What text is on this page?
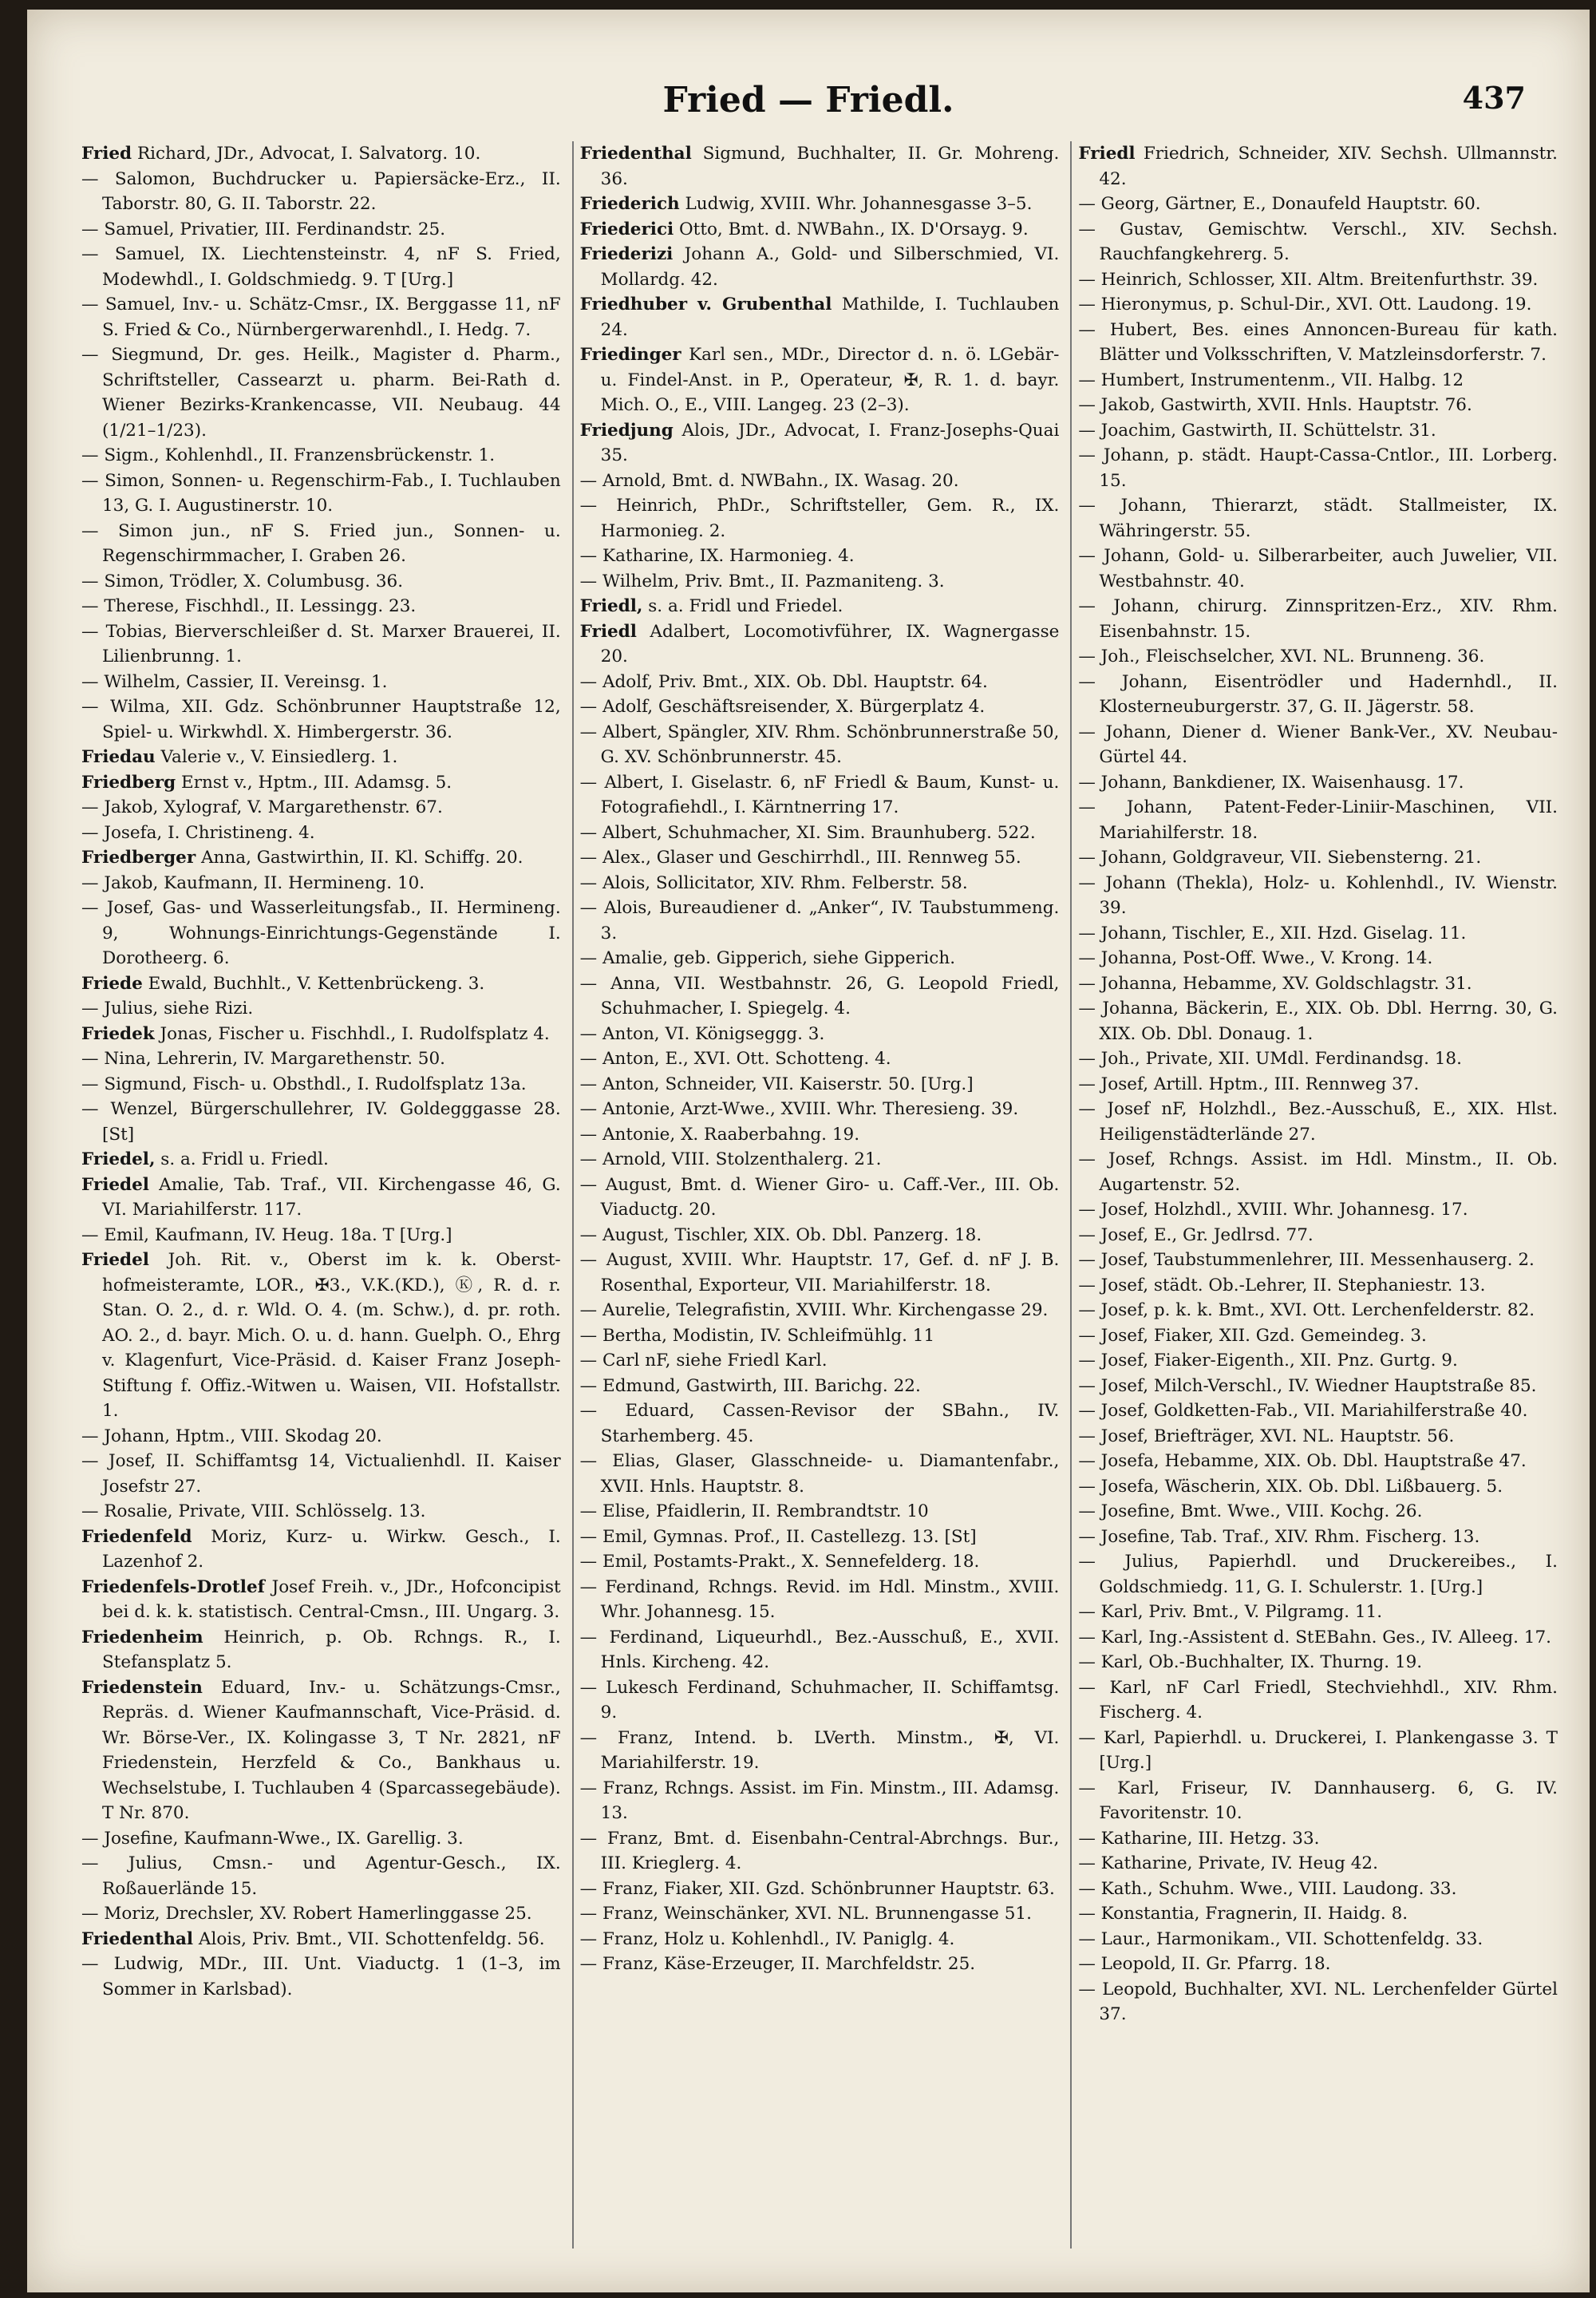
Fried — Friedl.	437

Fried Richard, JDr., Advocat, I. Salvatorg. 10.

— Salomon, Buchdrucker u. Papiersäcke-Erz., II. Taborstr. 80, G. II. Taborstr. 22.

— Samuel, Privatier, III. Ferdinandstr. 25.

— Samuel, IX. Liechtensteinstr. 4, nF S. Fried, Modewhdl., I. Goldschmiedg. 9. T [Urg.]

— Samuel, Inv.- u. Schätz-Cmsr., IX. Berggasse 11, nF S. Fried & Co., Nürnbergerwarenhdl., I. Hedg. 7.

— Siegmund, Dr. ges. Heilk., Magister d. Pharm., Schriftsteller, Cassearzt u. pharm. Bei-Rath d. Wiener Bezirks-Krankencasse, VII. Neubaug. 44 (1/21–1/23).

— Sigm., Kohlenhdl., II. Franzensbrückenstr. 1.

— Simon, Sonnen- u. Regenschirm-Fab., I. Tuchlauben 13, G. I. Augustinerstr. 10.

— Simon jun., nF S. Fried jun., Sonnen- u. Regenschirmmacher, I. Graben 26.

— Simon, Trödler, X. Columbusg. 36.

— Therese, Fischhdl., II. Lessingg. 23.

— Tobias, Bierverschleißer d. St. Marxer Brauerei, II. Lilienbrunng. 1.

— Wilhelm, Cassier, II. Vereinsg. 1.

— Wilma, XII. Gdz. Schönbrunner Hauptstraße 12, Spiel- u. Wirkwhdl. X. Himbergerstr. 36.

Friedau Valerie v., V. Einsiedlerg. 1.

Friedberg Ernst v., Hptm., III. Adamsg. 5.

— Jakob, Xylograf, V. Margarethenstr. 67.

— Josefa, I. Christineng. 4.

Friedberger Anna, Gastwirthin, II. Kl. Schiffg. 20.

— Jakob, Kaufmann, II. Hermineng. 10.

— Josef, Gas- und Wasserleitungsfab., II. Hermineng. 9, Wohnungs-Einrichtungs-Gegenstände I. Dorotheerg. 6.

Friede Ewald, Buchhlt., V. Kettenbrückeng. 3.

— Julius, siehe Rizi.

Friedek Jonas, Fischer u. Fischhdl., I. Rudolfsplatz 4.

— Nina, Lehrerin, IV. Margarethenstr. 50.

— Sigmund, Fisch- u. Obsthdl., I. Rudolfsplatz 13a.

— Wenzel, Bürgerschullehrer, IV. Goldegggasse 28. [St]

Friedel, s. a. Fridl u. Friedl.

Friedel Amalie, Tab. Traf., VII. Kirchengasse 46, G. VI. Mariahilferstr. 117.

— Emil, Kaufmann, IV. Heug. 18a. T [Urg.]

Friedel Joh. Rit. v., Oberst im k. k. Oberst-hofmeisteramte, LOR., ✠3., V.K.(KD.), Ⓚ, R. d. r. Stan. O. 2., d. r. Wld. O. 4. (m. Schw.), d. pr. roth. AO. 2., d. bayr. Mich. O. u. d. hann. Guelph. O., Ehrg v. Klagenfurt, Vice-Präsid. d. Kaiser Franz Joseph-Stiftung f. Offiz.-Witwen u. Waisen, VII. Hofstallstr. 1.

— Johann, Hptm., VIII. Skodag 20.

— Josef, II. Schiffamtsg 14, Victualienhdl. II. Kaiser Josefstr 27.

— Rosalie, Private, VIII. Schlösselg. 13.

Friedenfeld Moriz, Kurz- u. Wirkw. Gesch., I. Lazenhof 2.

Friedenfels-Drotlef Josef Freih. v., JDr., Hofconcipist bei d. k. k. statistisch. Central-Cmsn., III. Ungarg. 3.

Friedenheim Heinrich, p. Ob. Rchngs. R., I. Stefansplatz 5.

Friedenstein Eduard, Inv.- u. Schätzungs-Cmsr., Repräs. d. Wiener Kaufmannschaft, Vice-Präsid. d. Wr. Börse-Ver., IX. Kolingasse 3, T Nr. 2821, nF Friedenstein, Herzfeld & Co., Bankhaus u. Wechselstube, I. Tuchlauben 4 (Sparcassegebäude). T Nr. 870.

— Josefine, Kaufmann-Wwe., IX. Garellig. 3.

— Julius, Cmsn.- und Agentur-Gesch., IX. Roßauerlände 15.

— Moriz, Drechsler, XV. Robert Hamerlinggasse 25.

Friedenthal Alois, Priv. Bmt., VII. Schottenfeldg. 56.

— Ludwig, MDr., III. Unt. Viaductg. 1 (1–3, im Sommer in Karlsbad).

Friedenthal Sigmund, Buchhalter, II. Gr. Mohreng. 36.

Friederich Ludwig, XVIII. Whr. Johannesgasse 3–5.

Friederici Otto, Bmt. d. NWBahn., IX. D'Orsayg. 9.

Friederizi Johann A., Gold- und Silberschmied, VI. Mollardg. 42.

Friedhuber v. Grubenthal Mathilde, I. Tuchlauben 24.

Friedinger Karl sen., MDr., Director d. n. ö. LGebär- u. Findel-Anst. in P., Operateur, ✠, R. 1. d. bayr. Mich. O., E., VIII. Langeg. 23 (2–3).

Friedjung Alois, JDr., Advocat, I. Franz-Josephs-Quai 35.

— Arnold, Bmt. d. NWBahn., IX. Wasag. 20.

— Heinrich, PhDr., Schriftsteller, Gem. R., IX. Harmonieg. 2.

— Katharine, IX. Harmonieg. 4.

— Wilhelm, Priv. Bmt., II. Pazmaniteng. 3.

Friedl, s. a. Fridl und Friedel.

Friedl Adalbert, Locomotivführer, IX. Wagnergasse 20.

— Adolf, Priv. Bmt., XIX. Ob. Dbl. Hauptstr. 64.

— Adolf, Geschäftsreisender, X. Bürgerplatz 4.

— Albert, Spängler, XIV. Rhm. Schönbrunnerstraße 50, G. XV. Schönbrunnerstr. 45.

— Albert, I. Giselastr. 6, nF Friedl & Baum, Kunst- u. Fotografiehdl., I. Kärntnerring 17.

— Albert, Schuhmacher, XI. Sim. Braunhuberg. 522.

— Alex., Glaser und Geschirrhdl., III. Rennweg 55.

— Alois, Sollicitator, XIV. Rhm. Felberstr. 58.

— Alois, Bureaudiener d. „Anker“, IV. Taubstummeng. 3.

— Amalie, geb. Gipperich, siehe Gipperich.

— Anna, VII. Westbahnstr. 26, G. Leopold Friedl, Schuhmacher, I. Spiegelg. 4.

— Anton, VI. Königseggg. 3.

— Anton, E., XVI. Ott. Schotteng. 4.

— Anton, Schneider, VII. Kaiserstr. 50. [Urg.]

— Antonie, Arzt-Wwe., XVIII. Whr. Theresieng. 39.

— Antonie, X. Raaberbahng. 19.

— Arnold, VIII. Stolzenthalerg. 21.

— August, Bmt. d. Wiener Giro- u. Caff.-Ver., III. Ob. Viaductg. 20.

— August, Tischler, XIX. Ob. Dbl. Panzerg. 18.

— August, XVIII. Whr. Hauptstr. 17, Gef. d. nF J. B. Rosenthal, Exporteur, VII. Mariahilferstr. 18.

— Aurelie, Telegrafistin, XVIII. Whr. Kirchengasse 29.

— Bertha, Modistin, IV. Schleifmühlg. 11

— Carl nF, siehe Friedl Karl.

— Edmund, Gastwirth, III. Barichg. 22.

— Eduard, Cassen-Revisor der SBahn., IV. Starhemberg. 45.

— Elias, Glaser, Glasschneide- u. Diamantenfabr., XVII. Hnls. Hauptstr. 8.

— Elise, Pfaidlerin, II. Rembrandtstr. 10

— Emil, Gymnas. Prof., II. Castellezg. 13. [St]

— Emil, Postamts-Prakt., X. Sennefelderg. 18.

— Ferdinand, Rchngs. Revid. im Hdl. Minstm., XVIII. Whr. Johannesg. 15.

— Ferdinand, Liqueurhdl., Bez.-Ausschuß, E., XVII. Hnls. Kircheng. 42.

— Lukesch Ferdinand, Schuhmacher, II. Schiffamtsg. 9.

— Franz, Intend. b. LVerth. Minstm., ✠, VI. Mariahilferstr. 19.

— Franz, Rchngs. Assist. im Fin. Minstm., III. Adamsg. 13.

— Franz, Bmt. d. Eisenbahn-Central-Abrchngs. Bur., III. Krieglerg. 4.

— Franz, Fiaker, XII. Gzd. Schönbrunner Hauptstr. 63.

— Franz, Weinschänker, XVI. NL. Brunnengasse 51.

— Franz, Holz u. Kohlenhdl., IV. Paniglg. 4.

— Franz, Käse-Erzeuger, II. Marchfeldstr. 25.

Friedl Friedrich, Schneider, XIV. Sechsh. Ullmannstr. 42.

— Georg, Gärtner, E., Donaufeld Hauptstr. 60.

— Gustav, Gemischtw. Verschl., XIV. Sechsh. Rauchfangkehrerg. 5.

— Heinrich, Schlosser, XII. Altm. Breitenfurthstr. 39.

— Hieronymus, p. Schul-Dir., XVI. Ott. Laudong. 19.

— Hubert, Bes. eines Annoncen-Bureau für kath. Blätter und Volksschriften, V. Matzleinsdorferstr. 7.

— Humbert, Instrumentenm., VII. Halbg. 12

— Jakob, Gastwirth, XVII. Hnls. Hauptstr. 76.

— Joachim, Gastwirth, II. Schüttelstr. 31.

— Johann, p. städt. Haupt-Cassa-Cntlor., III. Lorberg. 15.

— Johann, Thierarzt, städt. Stallmeister, IX. Währingerstr. 55.

— Johann, Gold- u. Silberarbeiter, auch Juwelier, VII. Westbahnstr. 40.

— Johann, chirurg. Zinnspritzen-Erz., XIV. Rhm. Eisenbahnstr. 15.

— Joh., Fleischselcher, XVI. NL. Brunneng. 36.

— Johann, Eisentrödler und Hadernhdl., II. Klosterneuburgerstr. 37, G. II. Jägerstr. 58.

— Johann, Diener d. Wiener Bank-Ver., XV. Neubau-Gürtel 44.

— Johann, Bankdiener, IX. Waisenhausg. 17.

— Johann, Patent-Feder-Liniir-Maschinen, VII. Mariahilferstr. 18.

— Johann, Goldgraveur, VII. Siebensterng. 21.

— Johann (Thekla), Holz- u. Kohlenhdl., IV. Wienstr. 39.

— Johann, Tischler, E., XII. Hzd. Giselag. 11.

— Johanna, Post-Off. Wwe., V. Krong. 14.

— Johanna, Hebamme, XV. Goldschlagstr. 31.

— Johanna, Bäckerin, E., XIX. Ob. Dbl. Herrng. 30, G. XIX. Ob. Dbl. Donaug. 1.

— Joh., Private, XII. UMdl. Ferdinandsg. 18.

— Josef, Artill. Hptm., III. Rennweg 37.

— Josef nF, Holzhdl., Bez.-Ausschuß, E., XIX. Hlst. Heiligenstädterlände 27.

— Josef, Rchngs. Assist. im Hdl. Minstm., II. Ob. Augartenstr. 52.

— Josef, Holzhdl., XVIII. Whr. Johannesg. 17.

— Josef, E., Gr. Jedlrsd. 77.

— Josef, Taubstummenlehrer, III. Messenhauserg. 2.

— Josef, städt. Ob.-Lehrer, II. Stephaniestr. 13.

— Josef, p. k. k. Bmt., XVI. Ott. Lerchenfelderstr. 82.

— Josef, Fiaker, XII. Gzd. Gemeindeg. 3.

— Josef, Fiaker-Eigenth., XII. Pnz. Gurtg. 9.

— Josef, Milch-Verschl., IV. Wiedner Hauptstraße 85.

— Josef, Goldketten-Fab., VII. Mariahilferstraße 40.

— Josef, Briefträger, XVI. NL. Hauptstr. 56.

— Josefa, Hebamme, XIX. Ob. Dbl. Hauptstraße 47.

— Josefa, Wäscherin, XIX. Ob. Dbl. Lißbauerg. 5.

— Josefine, Bmt. Wwe., VIII. Kochg. 26.

— Josefine, Tab. Traf., XIV. Rhm. Fischerg. 13.

— Julius, Papierhdl. und Druckereibes., I. Goldschmiedg. 11, G. I. Schulerstr. 1. [Urg.]

— Karl, Priv. Bmt., V. Pilgramg. 11.

— Karl, Ing.-Assistent d. StEBahn. Ges., IV. Alleeg. 17.

— Karl, Ob.-Buchhalter, IX. Thurng. 19.

— Karl, nF Carl Friedl, Stechviehhdl., XIV. Rhm. Fischerg. 4.

— Karl, Papierhdl. u. Druckerei, I. Plankengasse 3. T [Urg.]

— Karl, Friseur, IV. Dannhauserg. 6, G. IV. Favoritenstr. 10.

— Katharine, III. Hetzg. 33.

— Katharine, Private, IV. Heug 42.

— Kath., Schuhm. Wwe., VIII. Laudong. 33.

— Konstantia, Fragnerin, II. Haidg. 8.

— Laur., Harmonikam., VII. Schottenfeldg. 33.

— Leopold, II. Gr. Pfarrg. 18.

— Leopold, Buchhalter, XVI. NL. Lerchenfelder Gürtel 37.
